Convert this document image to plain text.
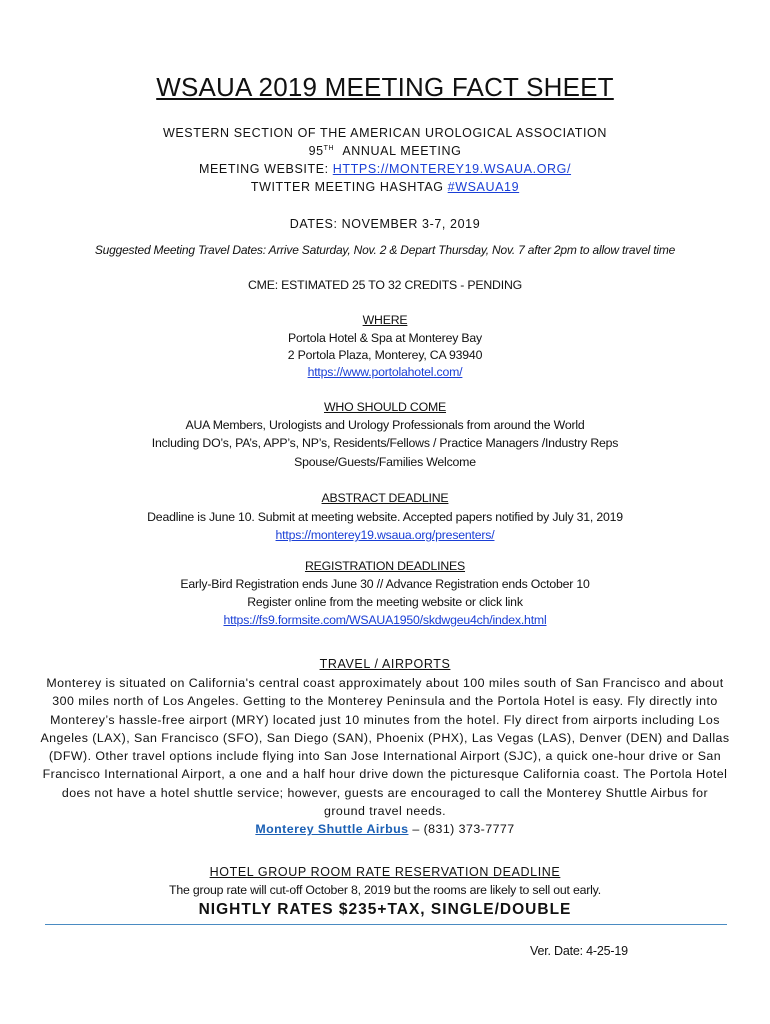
WSAUA 2019 MEETING FACT SHEET
WESTERN SECTION OF THE AMERICAN UROLOGICAL ASSOCIATION
95TH ANNUAL MEETING
MEETING WEBSITE: HTTPS://MONTEREY19.WSAUA.ORG/
TWITTER MEETING HASHTAG #WSAUA19
DATES: NOVEMBER 3-7, 2019
Suggested Meeting Travel Dates: Arrive Saturday, Nov. 2 & Depart Thursday, Nov. 7 after 2pm to allow travel time
CME: ESTIMATED 25 TO 32 CREDITS - PENDING
WHERE
Portola Hotel & Spa at Monterey Bay
2 Portola Plaza, Monterey, CA 93940
https://www.portolahotel.com/
WHO SHOULD COME
AUA Members, Urologists and Urology Professionals from around the World
Including DO’s, PA’s, APP’s, NP’s, Residents/Fellows / Practice Managers /Industry Reps
Spouse/Guests/Families Welcome
ABSTRACT DEADLINE
Deadline is June 10. Submit at meeting website. Accepted papers notified by July 31, 2019
https://monterey19.wsaua.org/presenters/
REGISTRATION DEADLINES
Early-Bird Registration ends June 30 // Advance Registration ends October 10
Register online from the meeting website or click link
https://fs9.formsite.com/WSAUA1950/skdwgeu4ch/index.html
TRAVEL / AIRPORTS
Monterey is situated on California's central coast approximately about 100 miles south of San Francisco and about 300 miles north of Los Angeles. Getting to the Monterey Peninsula and the Portola Hotel is easy. Fly directly into Monterey’s hassle-free airport (MRY) located just 10 minutes from the hotel. Fly direct from airports including Los Angeles (LAX), San Francisco (SFO), San Diego (SAN), Phoenix (PHX), Las Vegas (LAS), Denver (DEN) and Dallas (DFW). Other travel options include flying into San Jose International Airport (SJC), a quick one-hour drive or San Francisco International Airport, a one and a half hour drive down the picturesque California coast. The Portola Hotel does not have a hotel shuttle service; however, guests are encouraged to call the Monterey Shuttle Airbus for ground travel needs.
Monterey Shuttle Airbus – (831) 373-7777
HOTEL GROUP ROOM RATE RESERVATION DEADLINE
The group rate will cut-off October 8, 2019 but the rooms are likely to sell out early.
NIGHTLY RATES $235+TAX, SINGLE/DOUBLE
Ver. Date: 4-25-19
